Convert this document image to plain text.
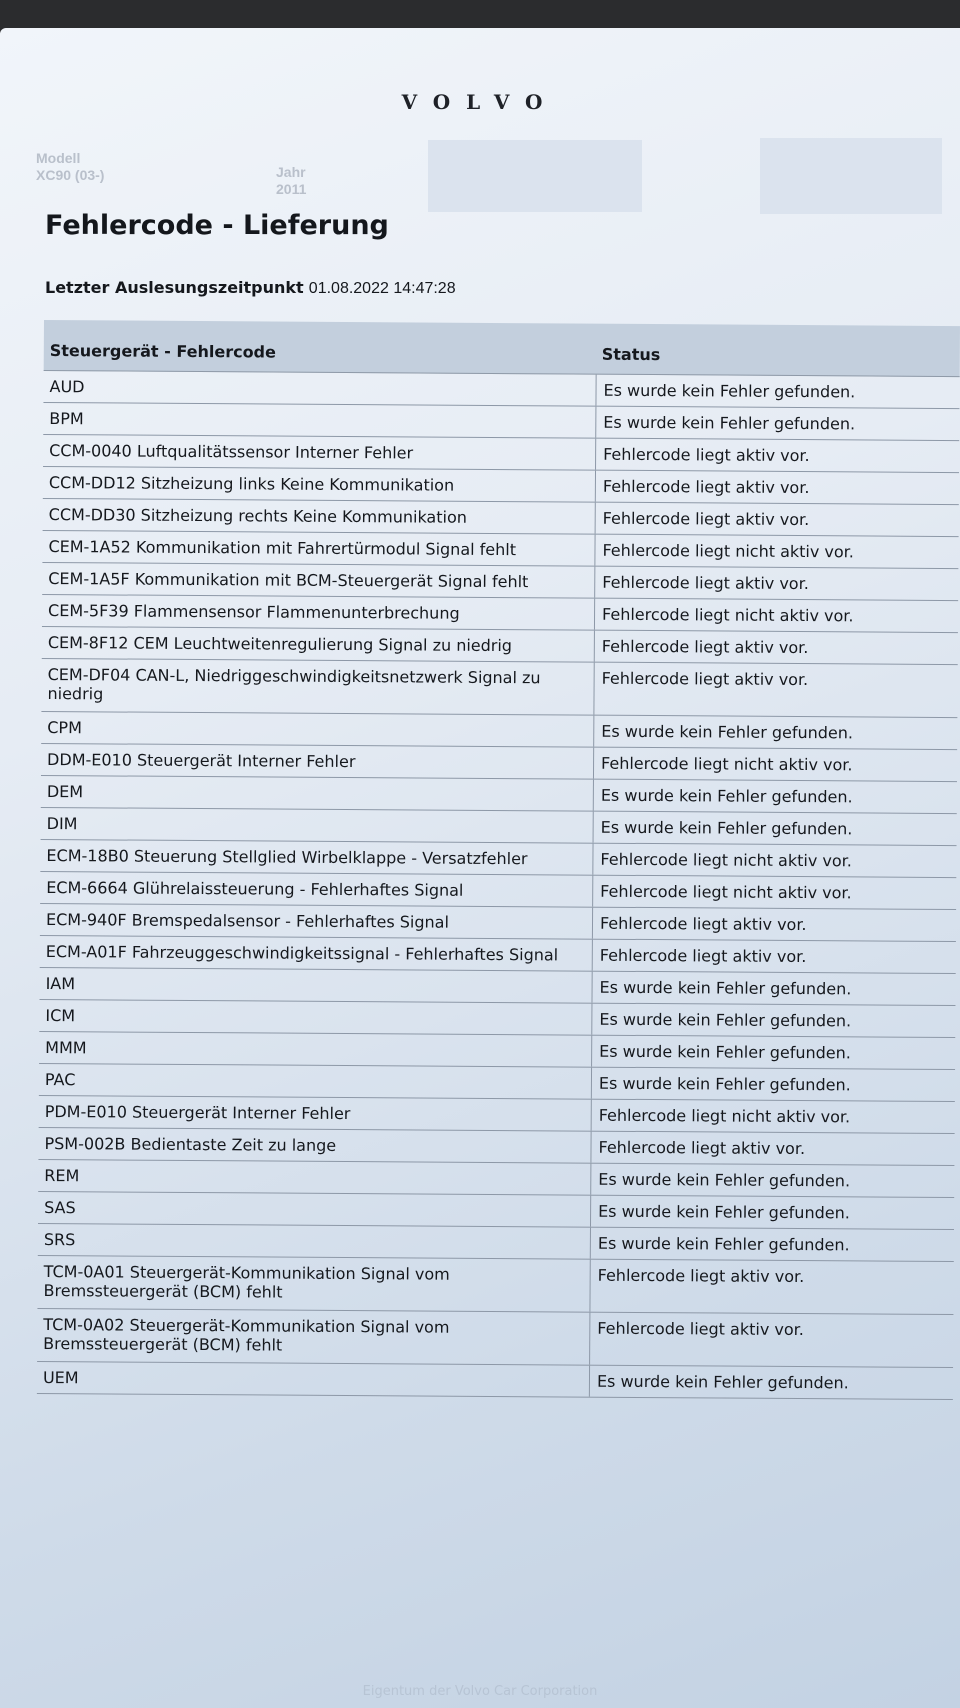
VOLVO
Modell
XC90 (03-)	Jahr
2011
Fehlercode - Lieferung
Letzter Auslesungszeitpunkt 01.08.2022 14:47:28
Steuergerät - Fehlercode	Status
AUD	Es wurde kein Fehler gefunden.
BPM	Es wurde kein Fehler gefunden.
CCM-0040 Luftqualitätssensor Interner Fehler	Fehlercode liegt aktiv vor.
CCM-DD12 Sitzheizung links Keine Kommunikation	Fehlercode liegt aktiv vor.
CCM-DD30 Sitzheizung rechts Keine Kommunikation	Fehlercode liegt aktiv vor.
CEM-1A52 Kommunikation mit Fahrertürmodul Signal fehlt	Fehlercode liegt nicht aktiv vor.
CEM-1A5F Kommunikation mit BCM-Steuergerät Signal fehlt	Fehlercode liegt aktiv vor.
CEM-5F39 Flammensensor Flammenunterbrechung	Fehlercode liegt nicht aktiv vor.
CEM-8F12 CEM Leuchtweitenregulierung Signal zu niedrig	Fehlercode liegt aktiv vor.
CEM-DF04 CAN-L, Niedriggeschwindigkeitsnetzwerk Signal zu niedrig
Fehlercode liegt aktiv vor.
CPM	Es wurde kein Fehler gefunden.
DDM-E010 Steuergerät Interner Fehler	Fehlercode liegt nicht aktiv vor.
DEM	Es wurde kein Fehler gefunden.
DIM	Es wurde kein Fehler gefunden.
ECM-18B0 Steuerung Stellglied Wirbelklappe - Versatzfehler	Fehlercode liegt nicht aktiv vor.
ECM-6664 Glührelaissteuerung - Fehlerhaftes Signal	Fehlercode liegt nicht aktiv vor.
ECM-940F Bremspedalsensor - Fehlerhaftes Signal	Fehlercode liegt aktiv vor.
ECM-A01F Fahrzeuggeschwindigkeitssignal - Fehlerhaftes Signal	Fehlercode liegt aktiv vor.
IAM	Es wurde kein Fehler gefunden.
ICM	Es wurde kein Fehler gefunden.
MMM	Es wurde kein Fehler gefunden.
PAC	Es wurde kein Fehler gefunden.
PDM-E010 Steuergerät Interner Fehler	Fehlercode liegt nicht aktiv vor.
PSM-002B Bedientaste Zeit zu lange	Fehlercode liegt aktiv vor.
REM	Es wurde kein Fehler gefunden.
SAS	Es wurde kein Fehler gefunden.
SRS	Es wurde kein Fehler gefunden.
TCM-0A01 Steuergerät-Kommunikation Signal vom Bremssteuergerät (BCM) fehlt
Fehlercode liegt aktiv vor.
TCM-0A02 Steuergerät-Kommunikation Signal vom Bremssteuergerät (BCM) fehlt
Fehlercode liegt aktiv vor.
UEM	Es wurde kein Fehler gefunden.
Eigentum der Volvo Car Corporation
